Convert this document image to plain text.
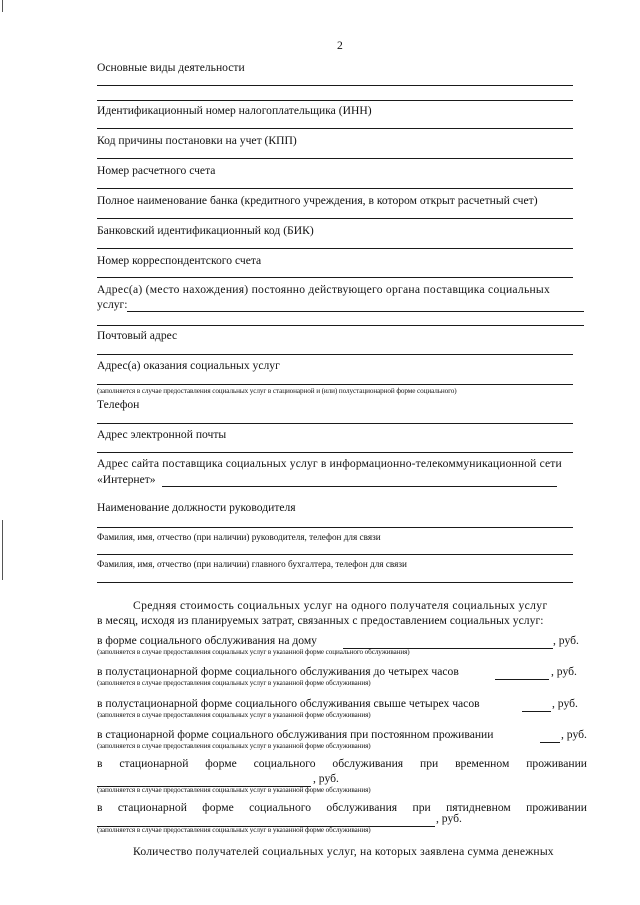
2
Основные виды деятельности
Идентификационный номер налогоплательщика (ИНН)
Код причины постановки на учет (КПП)
Номер расчетного счета
Полное наименование банка (кредитного учреждения, в котором открыт расчетный счет)
Банковский идентификационный код (БИК)
Номер корреспондентского счета
Адрес(а) (место нахождения) постоянно действующего органа поставщика социальных
услуг:
Почтовый адрес
Адрес(а) оказания социальных услуг
(заполняется в случае предоставления социальных услуг в стационарной и (или) полустационарной форме социального)
Телефон
Адрес электронной почты
Адрес сайта поставщика социальных услуг в информационно-телекоммуникационной сети
«Интернет»
Наименование должности руководителя
Фамилия, имя, отчество (при наличии) руководителя, телефон для связи
Фамилия, имя, отчество (при наличии) главного бухгалтера, телефон для связи
Средняя стоимость социальных услуг на одного получателя социальных услуг
в месяц, исходя из планируемых затрат, связанных с предоставлением социальных услуг:
в форме социального обслуживания на дому	, руб.
(заполняется в случае предоставления социальных услуг в указанной форме социального обслуживания)
в полустационарной форме социального обслуживания до четырех часов	, руб.
(заполняется в случае предоставления социальных услуг в указанной форме обслуживания)
в полустационарной форме социального обслуживания свыше четырех часов	, руб.
(заполняется в случае предоставления социальных услуг в указанной форме обслуживания)
в стационарной форме социального обслуживания при постоянном проживании	, руб.
(заполняется в случае предоставления социальных услуг в указанной форме обслуживания)
в стационарной форме социального обслуживания при временном проживании
, руб.
(заполняется в случае предоставления социальных услуг в указанной форме обслуживания)
в стационарной форме социального обслуживания при пятидневном проживании
, руб.
(заполняется в случае предоставления социальных услуг в указанной форме обслуживания)
Количество получателей социальных услуг, на которых заявлена сумма денежных
